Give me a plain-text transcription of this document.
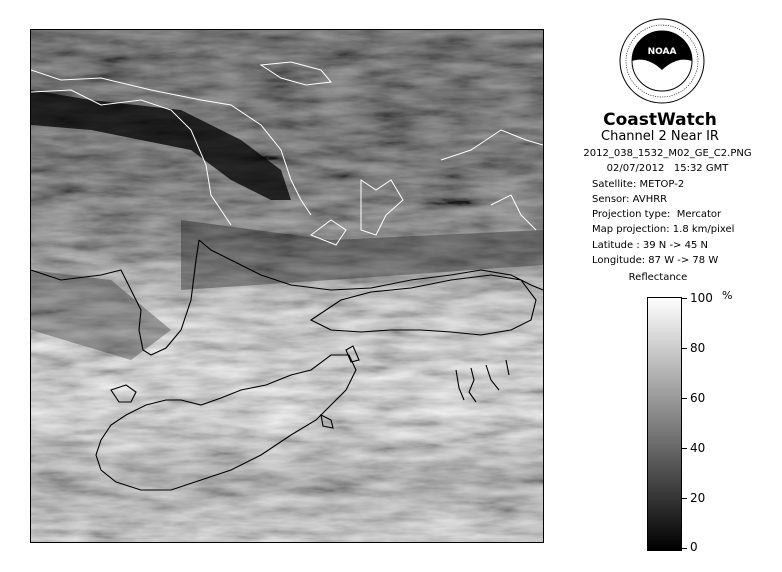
NOAA
CoastWatch
Channel 2 Near IR
2012_038_1532_M02_GE_C2.PNG
02/07/2012   15:32 GMT
Satellite: METOP-2
Sensor: AVHRR
Projection type:  Mercator
Map projection: 1.8 km/pixel
Latitude : 39 N -> 45 N
Longitude: 87 W -> 78 W
Reflectance
%
100
80
60
40
20
0
